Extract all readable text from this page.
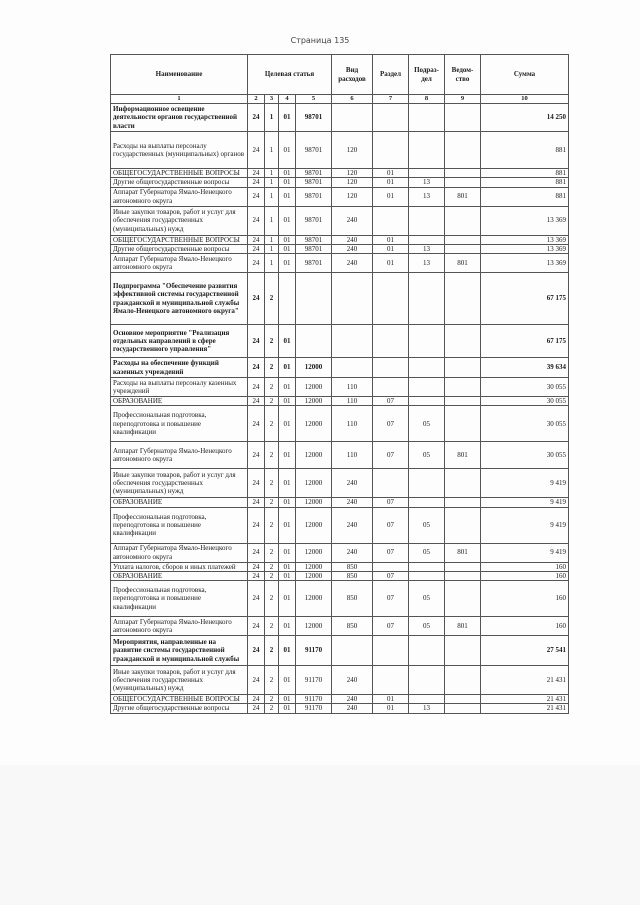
Страница 135
Наименование	Целевая статья				Вид расходов	Раздел	Подраз-дел	Ведом-ство	Сумма
1	2	3	4	5	6	7	8	9	10
Информационное освещение деятельности органов государственной власти	24	1	01	98701					14 250
Расходы на выплаты персоналу государственных (муниципальных) органов	24	1	01	98701	120				881
ОБЩЕГОСУДАРСТВЕННЫЕ ВОПРОСЫ	24	1	01	98701	120	01			881
Другие общегосударственные вопросы	24	1	01	98701	120	01	13		881
Аппарат Губернатора Ямало-Ненецкого автономного округа	24	1	01	98701	120	01	13	801	881
Иные закупки товаров, работ и услуг для обеспечения государственных (муниципальных) нужд	24	1	01	98701	240				13 369
ОБЩЕГОСУДАРСТВЕННЫЕ ВОПРОСЫ	24	1	01	98701	240	01			13 369
Другие общегосударственные вопросы	24	1	01	98701	240	01	13		13 369
Аппарат Губернатора Ямало-Ненецкого автономного округа	24	1	01	98701	240	01	13	801	13 369
Подпрограмма "Обеспечение развития эффективной системы государственной гражданской и муниципальной службы Ямало-Ненецкого автономного округа"	24	2							67 175
Основное мероприятие "Реализация отдельных направлений в сфере государственного управления"	24	2	01						67 175
Расходы на обеспечение функций казенных учреждений	24	2	01	12000					39 634
Расходы на выплаты персоналу казенных учреждений	24	2	01	12000	110				30 055
ОБРАЗОВАНИЕ	24	2	01	12000	110	07			30 055
Профессиональная подготовка, переподготовка и повышение квалификации	24	2	01	12000	110	07	05		30 055
Аппарат Губернатора Ямало-Ненецкого автономного округа	24	2	01	12000	110	07	05	801	30 055
Иные закупки товаров, работ и услуг для обеспечения государственных (муниципальных) нужд	24	2	01	12000	240				9 419
ОБРАЗОВАНИЕ	24	2	01	12000	240	07			9 419
Профессиональная подготовка, переподготовка и повышение квалификации	24	2	01	12000	240	07	05		9 419
Аппарат Губернатора Ямало-Ненецкого автономного округа	24	2	01	12000	240	07	05	801	9 419
Уплата налогов, сборов и иных платежей	24	2	01	12000	850				160
ОБРАЗОВАНИЕ	24	2	01	12000	850	07			160
Профессиональная подготовка, переподготовка и повышение квалификации	24	2	01	12000	850	07	05		160
Аппарат Губернатора Ямало-Ненецкого автономного округа	24	2	01	12000	850	07	05	801	160
Мероприятия, направленные на развитие системы государственной гражданской и муниципальной службы	24	2	01	91170					27 541
Иные закупки товаров, работ и услуг для обеспечения государственных (муниципальных) нужд	24	2	01	91170	240				21 431
ОБЩЕГОСУДАРСТВЕННЫЕ ВОПРОСЫ	24	2	01	91170	240	01			21 431
Другие общегосударственные вопросы	24	2	01	91170	240	01	13		21 431
